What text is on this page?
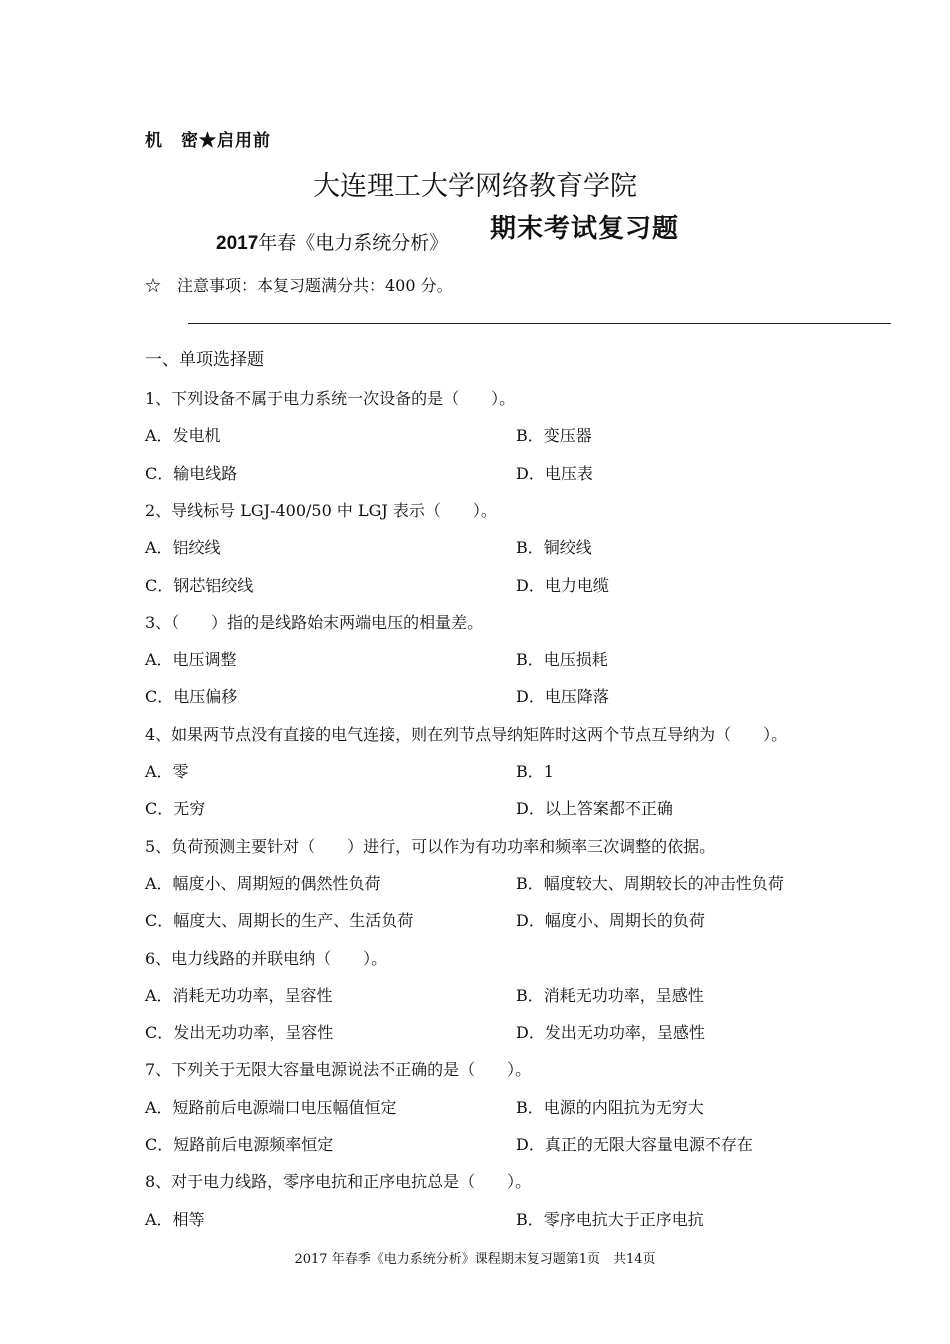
机　密★启用前
大连理工大学网络教育学院
2017年春《电力系统分析》 期末考试复习题
☆　注意事项：本复习题满分共：400 分。
一、单项选择题
1、下列设备不属于电力系统一次设备的是（　　）。
A．发电机	B．变压器
C．输电线路	D．电压表
2、导线标号 LGJ-400/50 中 LGJ 表示（　　）。
A．铝绞线	B．铜绞线
C．钢芯铝绞线	D．电力电缆
3、（　　）指的是线路始末两端电压的相量差。
A．电压调整	B．电压损耗
C．电压偏移	D．电压降落
4、如果两节点没有直接的电气连接，则在列节点导纳矩阵时这两个节点互导纳为（　　）。
A．零	B．1
C．无穷	D．以上答案都不正确
5、负荷预测主要针对（　　）进行，可以作为有功功率和频率三次调整的依据。
A．幅度小、周期短的偶然性负荷	B．幅度较大、周期较长的冲击性负荷
C．幅度大、周期长的生产、生活负荷	D．幅度小、周期长的负荷
6、电力线路的并联电纳（　　）。
A．消耗无功功率，呈容性	B．消耗无功功率，呈感性
C．发出无功功率，呈容性	D．发出无功功率，呈感性
7、下列关于无限大容量电源说法不正确的是（　　）。
A．短路前后电源端口电压幅值恒定	B．电源的内阻抗为无穷大
C．短路前后电源频率恒定	D．真正的无限大容量电源不存在
8、对于电力线路，零序电抗和正序电抗总是（　　）。
A．相等	B．零序电抗大于正序电抗
2017 年春季《电力系统分析》课程期末复习题第1页　共14页
